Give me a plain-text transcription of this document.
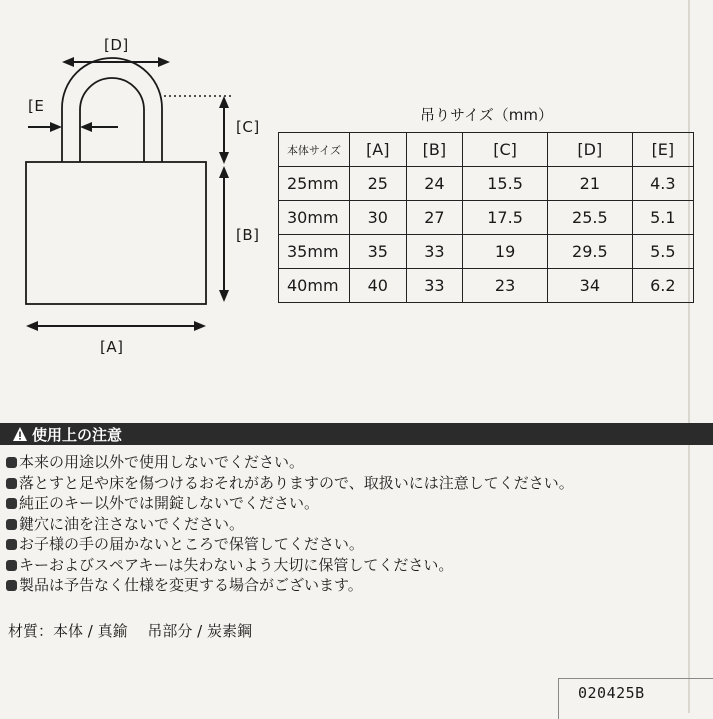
[D]
[E
[C]
[B]
[A]
吊りサイズ（mm）
本体サイズ	[A]	[B]	[C]	[D]	[E]
25mm	25	24	15.5	21	4.3
30mm	30	27	17.5	25.5	5.1
35mm	35	33	19	29.5	5.5
40mm	40	33	23	34	6.2
使用上の注意
本来の用途以外で使用しないでください。
落とすと足や床を傷つけるおそれがありますので、取扱いには注意してください。
純正のキー以外では開錠しないでください。
鍵穴に油を注さないでください。
お子様の手の届かないところで保管してください。
キーおよびスペアキーは失わないよう大切に保管してください。
製品は予告なく仕様を変更する場合がございます。
材質：本体 / 真鍮　 吊部分 / 炭素鋼
020425B
